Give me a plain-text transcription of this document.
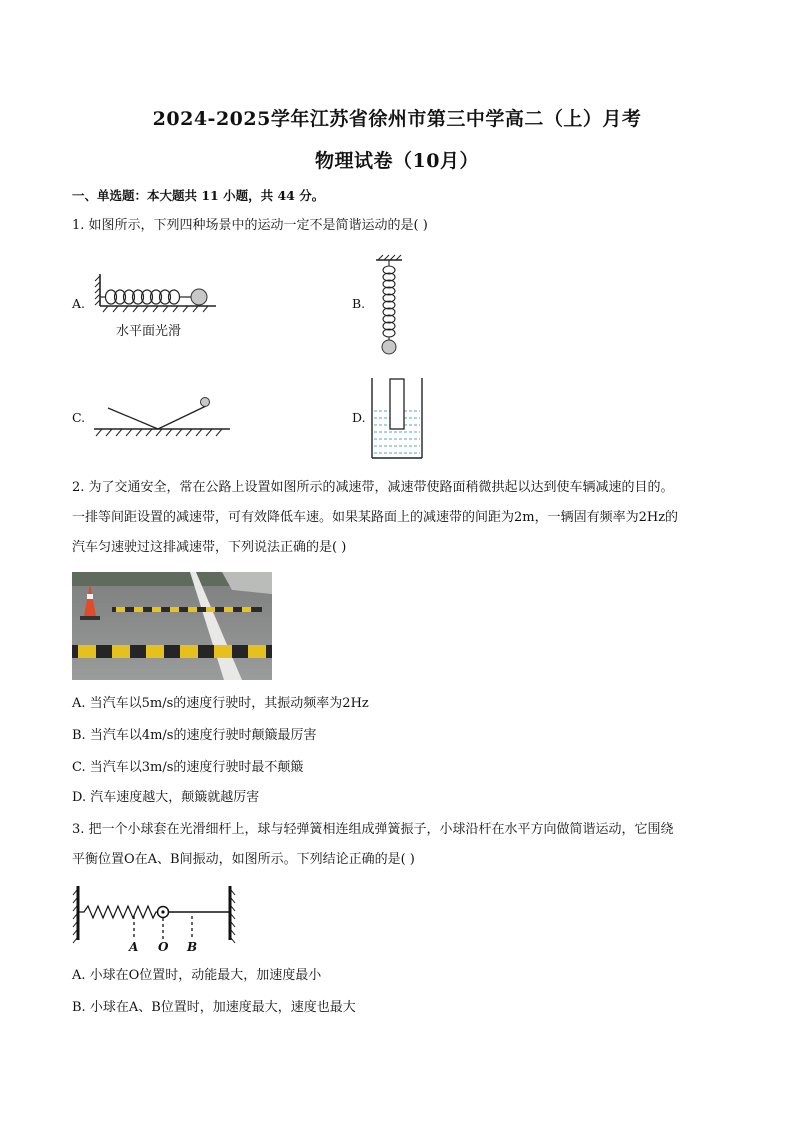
2024-2025学年江苏省徐州市第三中学高二（上）月考
物理试卷（10月）
一、单选题：本大题共 11 小题，共 44 分。
1. 如图所示，下列四种场景中的运动一定不是简谐运动的是( )
A.	B.
C.	D.
水平面光滑
2. 为了交通安全，常在公路上设置如图所示的减速带，减速带使路面稍微拱起以达到使车辆减速的目的。
一排等间距设置的减速带，可有效降低车速。如果某路面上的减速带的间距为2m，一辆固有频率为2Hz的
汽车匀速驶过这排减速带，下列说法正确的是( )
A. 当汽车以5m/s的速度行驶时，其振动频率为2Hz
B. 当汽车以4m/s的速度行驶时颠簸最厉害
C. 当汽车以3m/s的速度行驶时最不颠簸
D. 汽车速度越大，颠簸就越厉害
3. 把一个小球套在光滑细杆上，球与轻弹簧相连组成弹簧振子，小球沿杆在水平方向做简谐运动，它围绕
平衡位置O在A、B间振动，如图所示。下列结论正确的是( )
A O B
A. 小球在O位置时，动能最大，加速度最小
B. 小球在A、B位置时，加速度最大，速度也最大
